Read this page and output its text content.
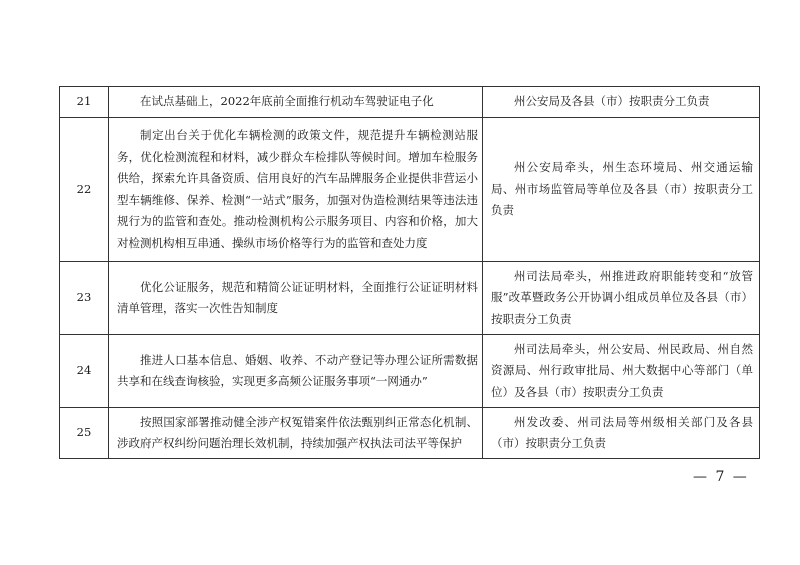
21	在试点基础上，2022年底前全面推行机动车驾驶证电子化	州公安局及各县（市）按职责分工负责

22	制定出台关于优化车辆检测的政策文件，规范提升车辆检测站服务，优化检测流程和材料，减少群众车检排队等候时间。增加车检服务供给，探索允许具备资质、信用良好的汽车品牌服务企业提供非营运小型车辆维修、保养、检测“一站式”服务，加强对伪造检测结果等违法违规行为的监管和查处。推动检测机构公示服务项目、内容和价格，加大对检测机构相互串通、操纵市场价格等行为的监管和查处力度	州公安局牵头，州生态环境局、州交通运输局、州市场监管局等单位及各县（市）按职责分工负责

23	优化公证服务，规范和精简公证证明材料，全面推行公证证明材料清单管理，落实一次性告知制度	州司法局牵头，州推进政府职能转变和“放管服”改革暨政务公开协调小组成员单位及各县（市）按职责分工负责

24	推进人口基本信息、婚姻、收养、不动产登记等办理公证所需数据共享和在线查询核验，实现更多高频公证服务事项“一网通办”	州司法局牵头，州公安局、州民政局、州自然资源局、州行政审批局、州大数据中心等部门（单位）及各县（市）按职责分工负责

25	按照国家部署推动健全涉产权冤错案件依法甄别纠正常态化机制、涉政府产权纠纷问题治理长效机制，持续加强产权执法司法平等保护	州发改委、州司法局等州级相关部门及各县（市）按职责分工负责
— 7 —
